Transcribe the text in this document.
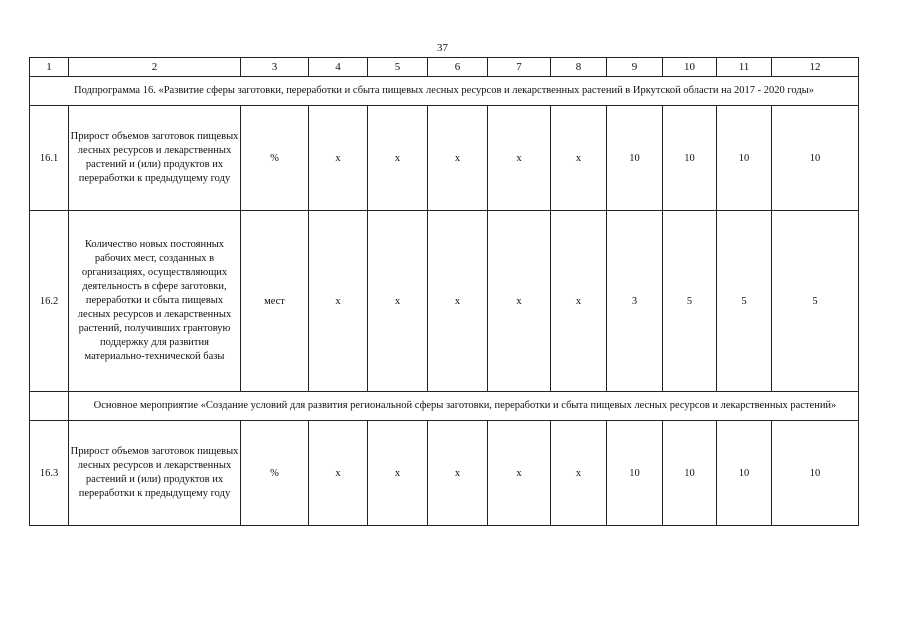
37
1	2	3	4	5	6	7	8	9	10	11	12
Подпрограмма 16. «Развитие сферы заготовки, переработки и сбыта пищевых лесных ресурсов и лекарственных растений в Иркутской области на 2017 - 2020 годы»											
16.1	Прирост объемов заготовок пищевых лесных ресурсов и лекарственных растений и (или) продуктов их переработки к предыдущему году	%	х	х	х	х	х	10	10	10	10
16.2	Количество новых постоянных рабочих мест, созданных в организациях, осуществляющих деятельность в сфере заготовки, переработки и сбыта пищевых лесных ресурсов и лекарственных растений, получивших грантовую поддержку для развития материально-технической базы	мест	х	х	х	х	х	3	5	5	5
	Основное мероприятие «Создание условий для развития региональной сферы заготовки, переработки и сбыта пищевых лесных ресурсов и лекарственных растений»										
16.3	Прирост объемов заготовок пищевых лесных ресурсов и лекарственных растений и (или) продуктов их переработки к предыдущему году	%	х	х	х	х	х	10	10	10	10
